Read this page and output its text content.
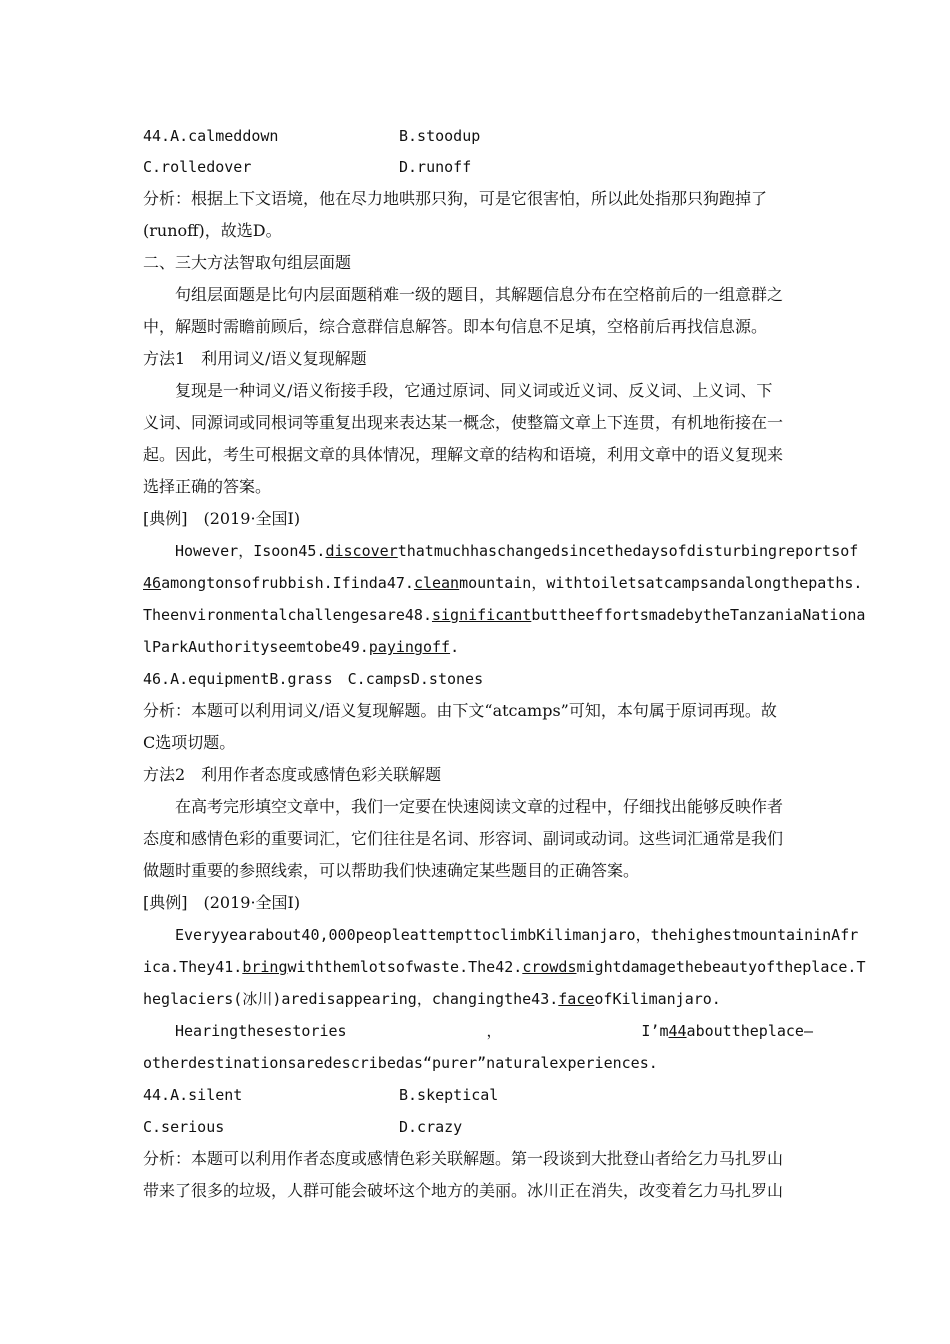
44.A.calmeddown	B.stoodup
C.rolledover	D.runoff
分析：根据上下文语境，他在尽力地哄那只狗，可是它很害怕，所以此处指那只狗跑掉了
(runoff)，故选D。
二、三大方法智取句组层面题
句组层面题是比句内层面题稍难一级的题目，其解题信息分布在空格前后的一组意群之
中，解题时需瞻前顾后，综合意群信息解答。即本句信息不足填，空格前后再找信息源。
方法1　利用词义/语义复现解题
复现是一种词义/语义衔接手段，它通过原词、同义词或近义词、反义词、上义词、下
义词、同源词或同根词等重复出现来表达某一概念，使整篇文章上下连贯，有机地衔接在一
起。因此，考生可根据文章的具体情况，理解文章的结构和语境，利用文章中的语义复现来
选择正确的答案。
[典例]　(2019·全国Ⅰ)
However，Isoon45.discoverthatmuchhaschangedsincethedaysofdisturbingreportsof
46amongtonsofrubbish.Ifinda47.cleanmountain，withtoiletsatcampsandalongthepaths.
Theenvironmentalchallengesare48.significantbuttheeffortsmadebytheTanzaniaNationa
lParkAuthorityseemtobe49.payingoff.
46.A.equipmentB.grass　C.campsD.stones
分析：本题可以利用词义/语义复现解题。由下文“atcamps”可知，本句属于原词再现。故
C选项切题。
方法2　利用作者态度或感情色彩关联解题
在高考完形填空文章中，我们一定要在快速阅读文章的过程中，仔细找出能够反映作者
态度和感情色彩的重要词汇，它们往往是名词、形容词、副词或动词。这些词汇通常是我们
做题时重要的参照线索，可以帮助我们快速确定某些题目的正确答案。
[典例]　(2019·全国Ⅰ)
Everyyearabout40,000peopleattempttoclimbKilimanjaro，thehighestmountaininAfr
ica.They41.bringwiththemlotsofwaste.The42.crowdsmightdamagethebeautyoftheplace.T
heglaciers(冰川)aredisappearing，changingthe43.faceofKilimanjaro.
Hearingthesestories	，	I’m44abouttheplace—
otherdestinationsaredescribedas“purer”naturalexperiences.
44.A.silent	B.skeptical
C.serious	D.crazy
分析：本题可以利用作者态度或感情色彩关联解题。第一段谈到大批登山者给乞力马扎罗山
带来了很多的垃圾，人群可能会破坏这个地方的美丽。冰川正在消失，改变着乞力马扎罗山
